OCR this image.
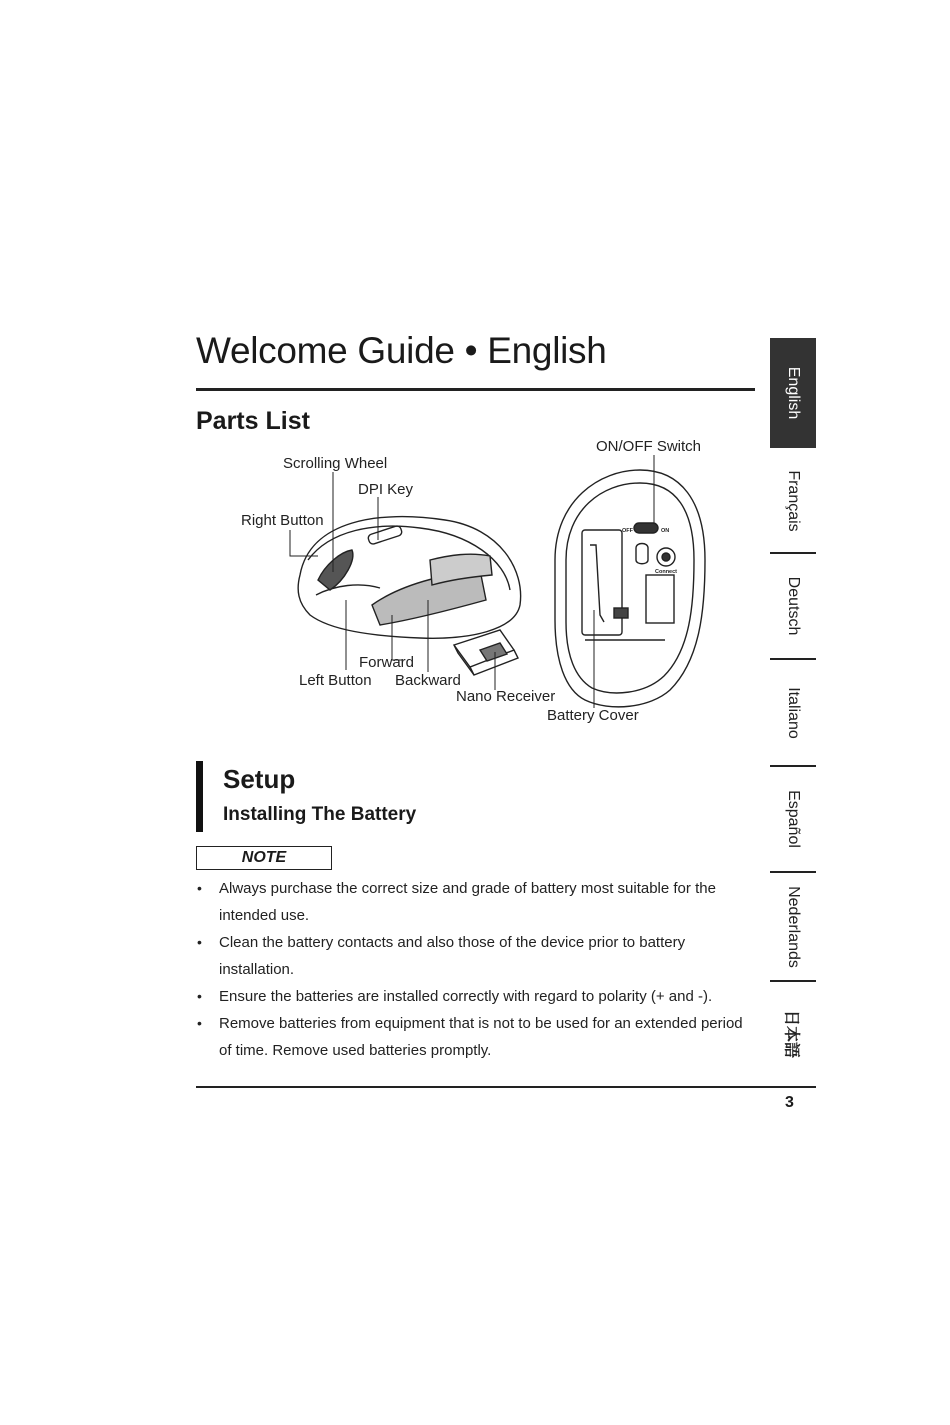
Welcome Guide • English
Parts List
OFF	ON
Connect
Scrolling Wheel
DPI Key
Right Button
Forward
Left Button Backward
Nano Receiver
Battery Cover
ON/OFF Switch
Setup
Installing The Battery
NOTE
• Always purchase the correct size and grade of battery most suitable for the intended use.
• Clean the battery contacts and also those of the device prior to battery installation.
• Ensure the batteries are installed correctly with regard to polarity (+ and -).
• Remove batteries from equipment that is not to be used for an extended period of time. Remove used batteries promptly.
English
Français
Deutsch
Italiano
Español
Nederlands
日本語
3
